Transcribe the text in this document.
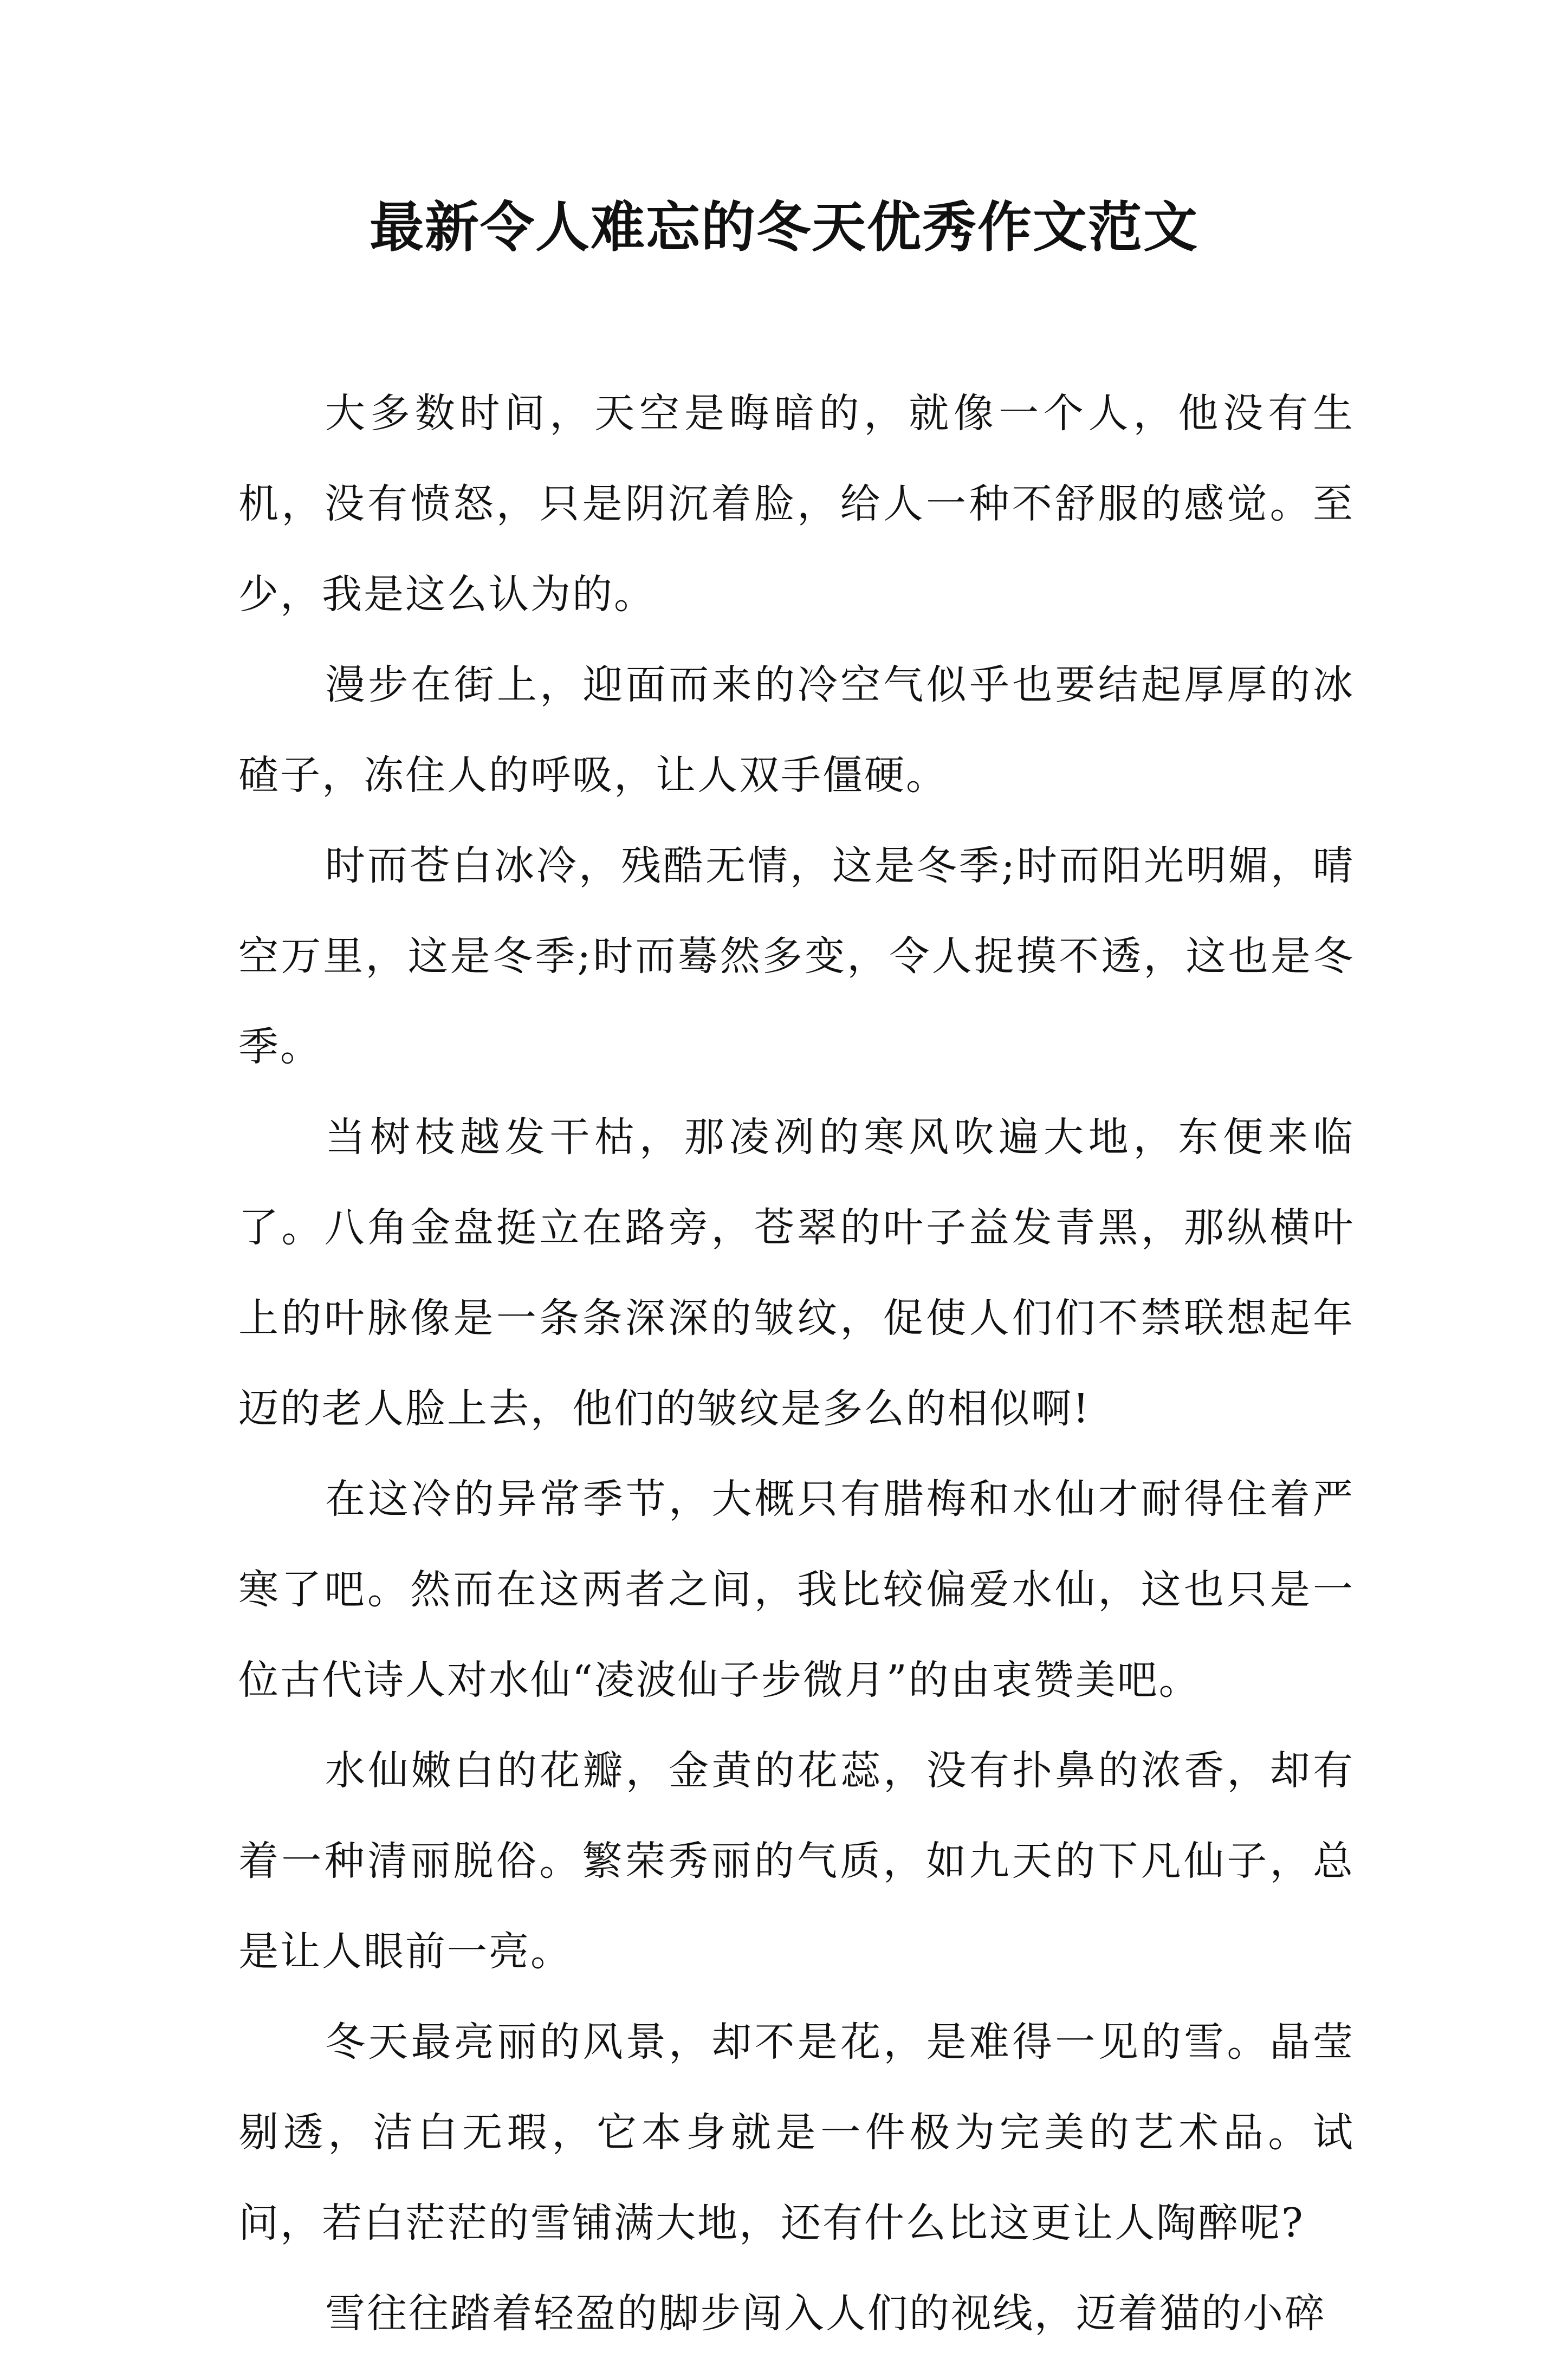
最新令人难忘的冬天优秀作文范文

大多数时间，天空是晦暗的，就像一个人，他没有生机，没有愤怒，只是阴沉着脸，给人一种不舒服的感觉。至少，我是这么认为的。

漫步在街上，迎面而来的冷空气似乎也要结起厚厚的冰碴子，冻住人的呼吸，让人双手僵硬。

时而苍白冰冷，残酷无情，这是冬季;时而阳光明媚，晴空万里，这是冬季;时而蓦然多变，令人捉摸不透，这也是冬季。

当树枝越发干枯，那凌冽的寒风吹遍大地，东便来临了。八角金盘挺立在路旁，苍翠的叶子益发青黑，那纵横叶上的叶脉像是一条条深深的皱纹，促使人们们不禁联想起年迈的老人脸上去，他们的皱纹是多么的相似啊!

在这冷的异常季节，大概只有腊梅和水仙才耐得住着严寒了吧。然而在这两者之间，我比较偏爱水仙，这也只是一位古代诗人对水仙“凌波仙子步微月”的由衷赞美吧。

水仙嫩白的花瓣，金黄的花蕊，没有扑鼻的浓香，却有着一种清丽脱俗。繁荣秀丽的气质，如九天的下凡仙子，总是让人眼前一亮。

冬天最亮丽的风景，却不是花，是难得一见的雪。晶莹剔透，洁白无瑕，它本身就是一件极为完美的艺术品。试问，若白茫茫的雪铺满大地，还有什么比这更让人陶醉呢?

雪往往踏着轻盈的脚步闯入人们的视线，迈着猫的小碎
